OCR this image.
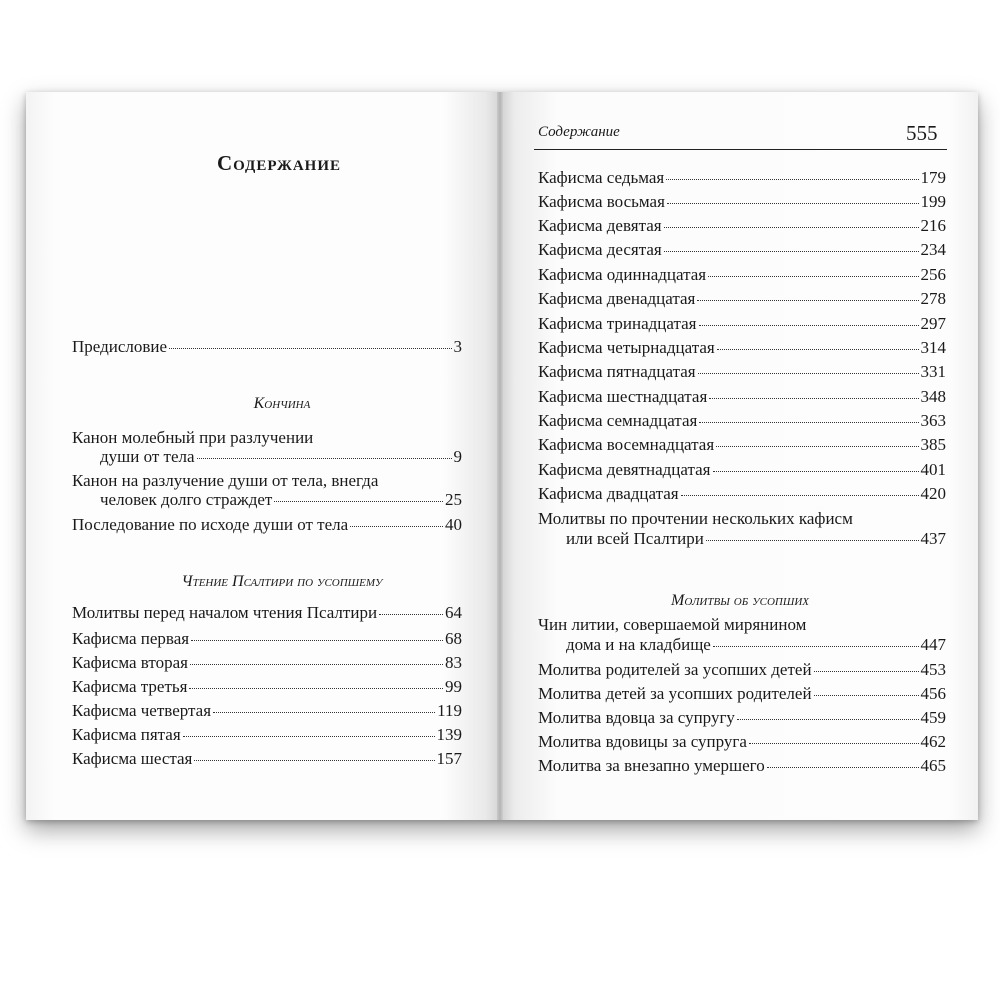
Содержание
Предисловие	3
Кончина
Канон молебный при разлучении
души от тела	9
Канон на разлучение души от тела, внегда
человек долго страждет	25
Последование по исходе души от тела	40
Чтение Псалтири по усопшему
Молитвы перед началом чтения Псалтири	64
Кафисма первая	68
Кафисма вторая	83
Кафисма третья	99
Кафисма четвертая	119
Кафисма пятая	139
Кафисма шестая	157
Содержание	555
Кафисма седьмая	179
Кафисма восьмая	199
Кафисма девятая	216
Кафисма десятая	234
Кафисма одиннадцатая	256
Кафисма двенадцатая	278
Кафисма тринадцатая	297
Кафисма четырнадцатая	314
Кафисма пятнадцатая	331
Кафисма шестнадцатая	348
Кафисма семнадцатая	363
Кафисма восемнадцатая	385
Кафисма девятнадцатая	401
Кафисма двадцатая	420
Молитвы по прочтении нескольких кафисм
или всей Псалтири	437
Молитвы об усопших
Чин литии, совершаемой мирянином
дома и на кладбище	447
Молитва родителей за усопших детей	453
Молитва детей за усопших родителей	456
Молитва вдовца за супругу	459
Молитва вдовицы за супруга	462
Молитва за внезапно умершего	465
